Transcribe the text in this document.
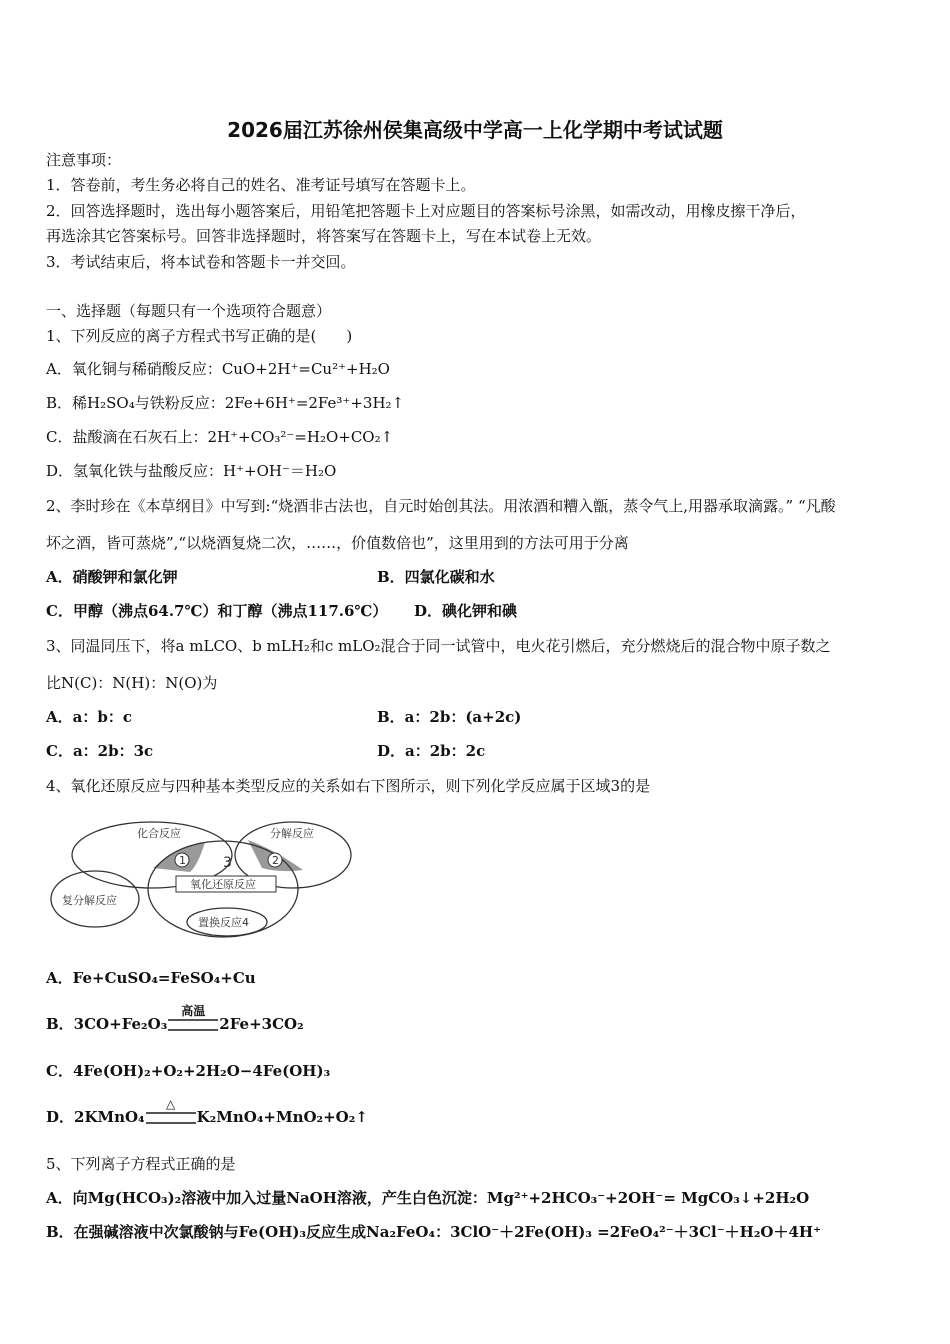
2026届江苏徐州侯集高级中学高一上化学期中考试试题
注意事项：
1．答卷前，考生务必将自己的姓名、准考证号填写在答题卡上。
2．回答选择题时，选出每小题答案后，用铅笔把答题卡上对应题目的答案标号涂黑，如需改动，用橡皮擦干净后，
再选涂其它答案标号。回答非选择题时，将答案写在答题卡上，写在本试卷上无效。
3．考试结束后，将本试卷和答题卡一并交回。
一、选择题（每题只有一个选项符合题意）
1、下列反应的离子方程式书写正确的是(　　)
A．氧化铜与稀硝酸反应：CuO+2H⁺=Cu²⁺+H₂O
B．稀H₂SO₄与铁粉反应：2Fe+6H⁺=2Fe³⁺+3H₂↑
C．盐酸滴在石灰石上：2H⁺+CO₃²⁻=H₂O+CO₂↑
D．氢氧化铁与盐酸反应：H⁺+OH⁻＝H₂O
2、李时珍在《本草纲目》中写到:“烧酒非古法也，自元时始创其法。用浓酒和糟入甑，蒸令气上,用器承取滴露。” “凡酸
坏之酒，皆可蒸烧”,“以烧酒复烧二次，……，价值数倍也”，这里用到的方法可用于分离
A．硝酸钾和氯化钾	B．四氯化碳和水
C．甲醇（沸点64.7℃）和丁醇（沸点117.6℃） D．碘化钾和碘
3、同温同压下，将a mLCO、b mLH₂和c mLO₂混合于同一试管中，电火花引燃后，充分燃烧后的混合物中原子数之
比N(C)：N(H)：N(O)为
A．a：b：c	B．a：2b：(a+2c)
C．a：2b：3c	D．a：2b：2c
4、氧化还原反应与四种基本类型反应的关系如右下图所示，则下列化学反应属于区域3的是
化合反应	分解反应
复分解反应
氧化还原反应
置换反应4
1	2
3
A．Fe+CuSO₄=FeSO₄+Cu
B．3CO+Fe₂O₃
高温
2Fe+3CO₂
C．4Fe(OH)₂+O₂+2H₂O−4Fe(OH)₃
D．2KMnO₄
△
K₂MnO₄+MnO₂+O₂↑
5、下列离子方程式正确的是
A．向Mg(HCO₃)₂溶液中加入过量NaOH溶液，产生白色沉淀：Mg²⁺+2HCO₃⁻+2OH⁻= MgCO₃↓+2H₂O
B．在强碱溶液中次氯酸钠与Fe(OH)₃反应生成Na₂FeO₄：3ClO⁻＋2Fe(OH)₃ =2FeO₄²⁻＋3Cl⁻＋H₂O＋4H⁺
